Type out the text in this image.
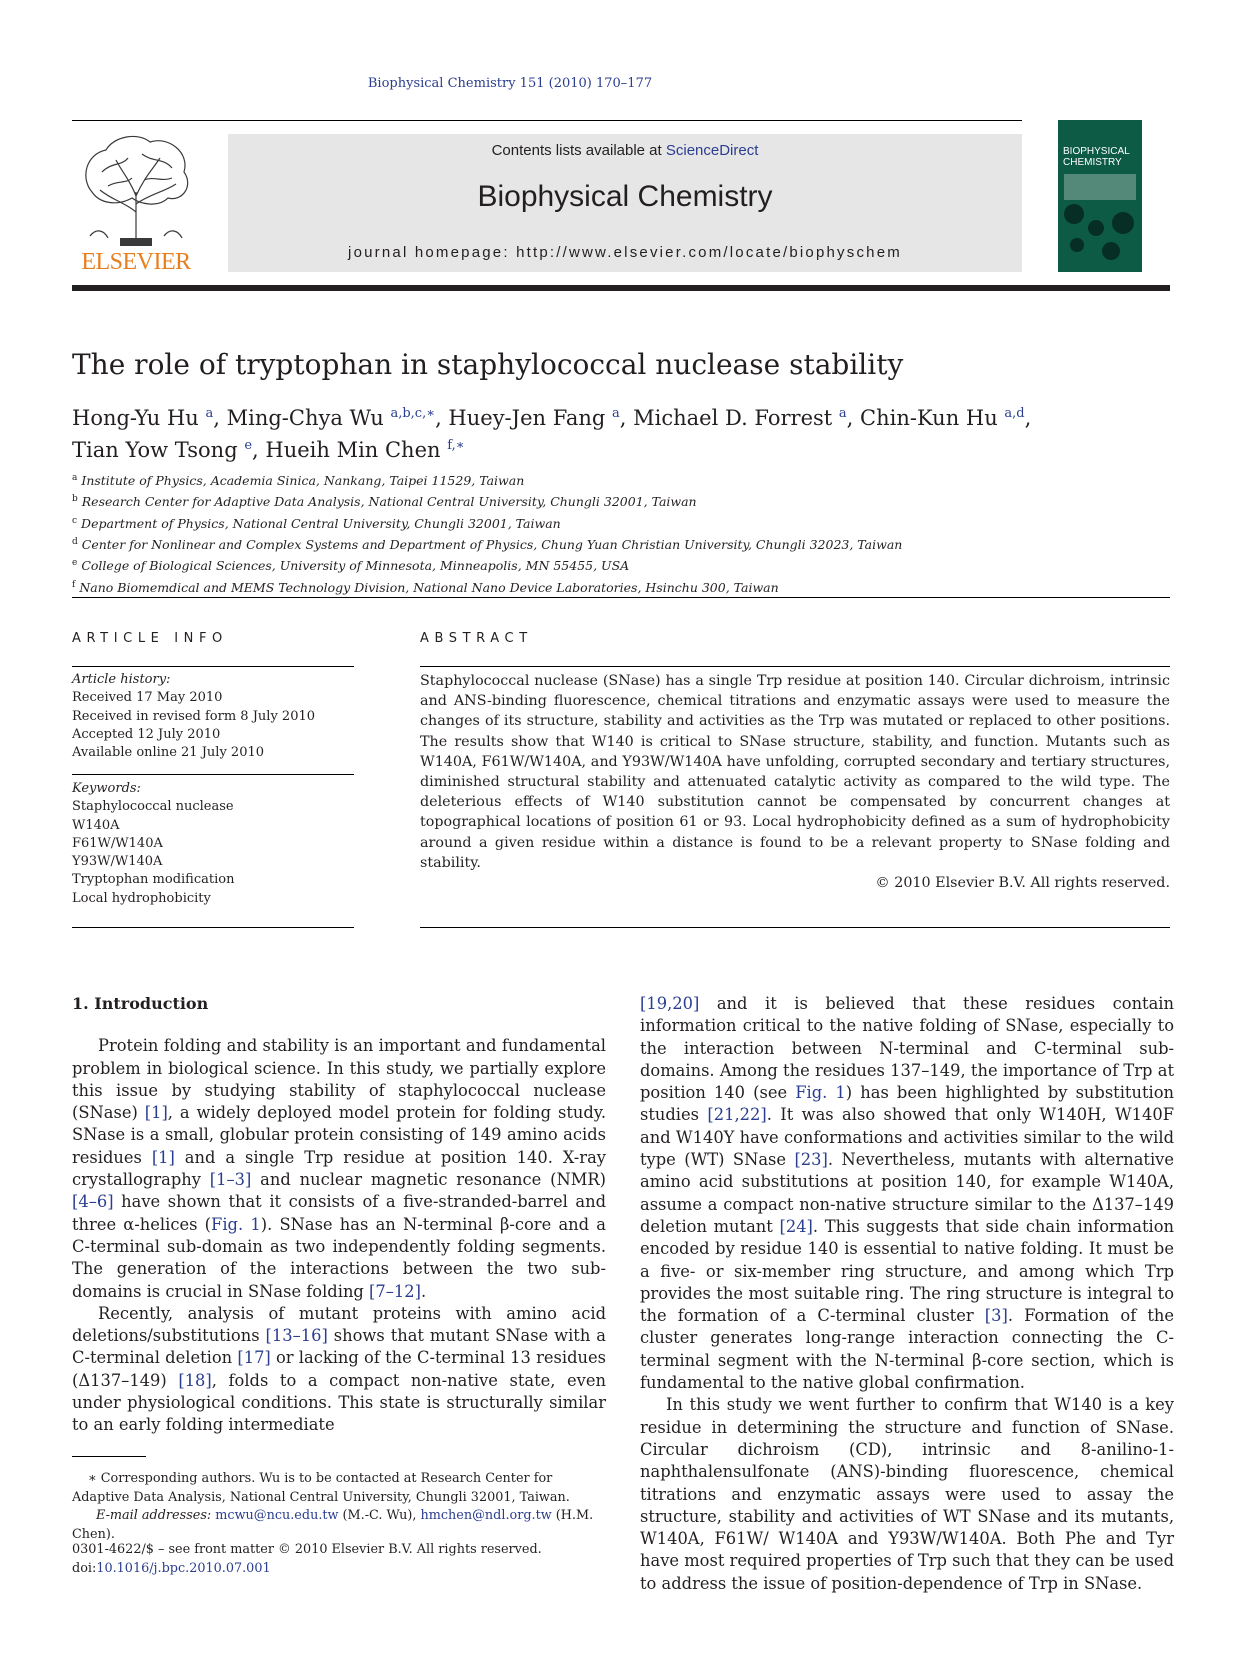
Biophysical Chemistry 151 (2010) 170–177
ELSEVIER
Contents lists available at ScienceDirect
Biophysical Chemistry
journal homepage: http://www.elsevier.com/locate/biophyschem
BIOPHYSICAL
CHEMISTRY
The role of tryptophan in staphylococcal nuclease stability
Hong-Yu Hu $^a$, Ming-Chya Wu $^{a,b,c,∗}$, Huey-Jen Fang $^a$, Michael D. Forrest $^a$, Chin-Kun Hu $^{a,d}$,
Tian Yow Tsong $^e$, Hueih Min Chen $^{f,∗}$
$^a$ Institute of Physics, Academia Sinica, Nankang, Taipei 11529, Taiwan
$^b$ Research Center for Adaptive Data Analysis, National Central University, Chungli 32001, Taiwan
$^c$ Department of Physics, National Central University, Chungli 32001, Taiwan
$^d$ Center for Nonlinear and Complex Systems and Department of Physics, Chung Yuan Christian University, Chungli 32023, Taiwan
$^e$ College of Biological Sciences, University of Minnesota, Minneapolis, MN 55455, USA
$^f$ Nano Biomemdical and MEMS Technology Division, National Nano Device Laboratories, Hsinchu 300, Taiwan
ARTICLE INFO
Article history:
Received 17 May 2010
Received in revised form 8 July 2010
Accepted 12 July 2010
Available online 21 July 2010
Keywords:
Staphylococcal nuclease
W140A
F61W/W140A
Y93W/W140A
Tryptophan modification
Local hydrophobicity
ABSTRACT

Staphylococcal nuclease (SNase) has a single Trp residue at position 140. Circular dichroism, intrinsic and ANS-binding fluorescence, chemical titrations and enzymatic assays were used to measure the changes of its structure, stability and activities as the Trp was mutated or replaced to other positions. The results show that W140 is critical to SNase structure, stability, and function. Mutants such as W140A, F61W/W140A, and Y93W/W140A have unfolding, corrupted secondary and tertiary structures, diminished structural stability and attenuated catalytic activity as compared to the wild type. The deleterious effects of W140 substitution cannot be compensated by concurrent changes at topographical locations of position 61 or 93. Local hydrophobicity defined as a sum of hydrophobicity around a given residue within a distance is found to be a relevant property to SNase folding and stability.

© 2010 Elsevier B.V. All rights reserved.

1. Introduction

Protein folding and stability is an important and fundamental problem in biological science. In this study, we partially explore this issue by studying stability of staphylococcal nuclease (SNase) [1], a widely deployed model protein for folding study. SNase is a small, globular protein consisting of 149 amino acids residues [1] and a single Trp residue at position 140. X-ray crystallography [1–3] and nuclear magnetic resonance (NMR) [4–6] have shown that it consists of a five-stranded-barrel and three α-helices (Fig. 1). SNase has an N-terminal β-core and a C-terminal sub-domain as two independently folding segments. The generation of the interactions between the two sub-domains is crucial in SNase folding [7–12].

Recently, analysis of mutant proteins with amino acid deletions/substitutions [13–16] shows that mutant SNase with a C-terminal deletion [17] or lacking of the C-terminal 13 residues (Δ137–149) [18], folds to a compact non-native state, even under physiological conditions. This state is structurally similar to an early folding intermediate

[19,20] and it is believed that these residues contain information critical to the native folding of SNase, especially to the interaction between N-terminal and C-terminal sub-domains. Among the residues 137–149, the importance of Trp at position 140 (see Fig. 1) has been highlighted by substitution studies [21,22]. It was also showed that only W140H, W140F and W140Y have conformations and activities similar to the wild type (WT) SNase [23]. Nevertheless, mutants with alternative amino acid substitutions at position 140, for example W140A, assume a compact non-native structure similar to the Δ137–149 deletion mutant [24]. This suggests that side chain information encoded by residue 140 is essential to native folding. It must be a five- or six-member ring structure, and among which Trp provides the most suitable ring. The ring structure is integral to the formation of a C-terminal cluster [3]. Formation of the cluster generates long-range interaction connecting the C-terminal segment with the N-terminal β-core section, which is fundamental to the native global confirmation.

In this study we went further to confirm that W140 is a key residue in determining the structure and function of SNase. Circular dichroism (CD), intrinsic and 8-anilino-1-naphthalensulfonate (ANS)-binding fluorescence, chemical titrations and enzymatic assays were used to assay the structure, stability and activities of WT SNase and its mutants, W140A, F61W/ W140A and Y93W/W140A. Both Phe and Tyr have most required properties of Trp such that they can be used to address the issue of position-dependence of Trp in SNase.

∗ Corresponding authors. Wu is to be contacted at Research Center for Adaptive Data Analysis, National Central University, Chungli 32001, Taiwan.

E-mail addresses: mcwu@ncu.edu.tw (M.-C. Wu), hmchen@ndl.org.tw (H.M. Chen).

0301-4622/$ – see front matter © 2010 Elsevier B.V. All rights reserved.

doi:10.1016/j.bpc.2010.07.001
